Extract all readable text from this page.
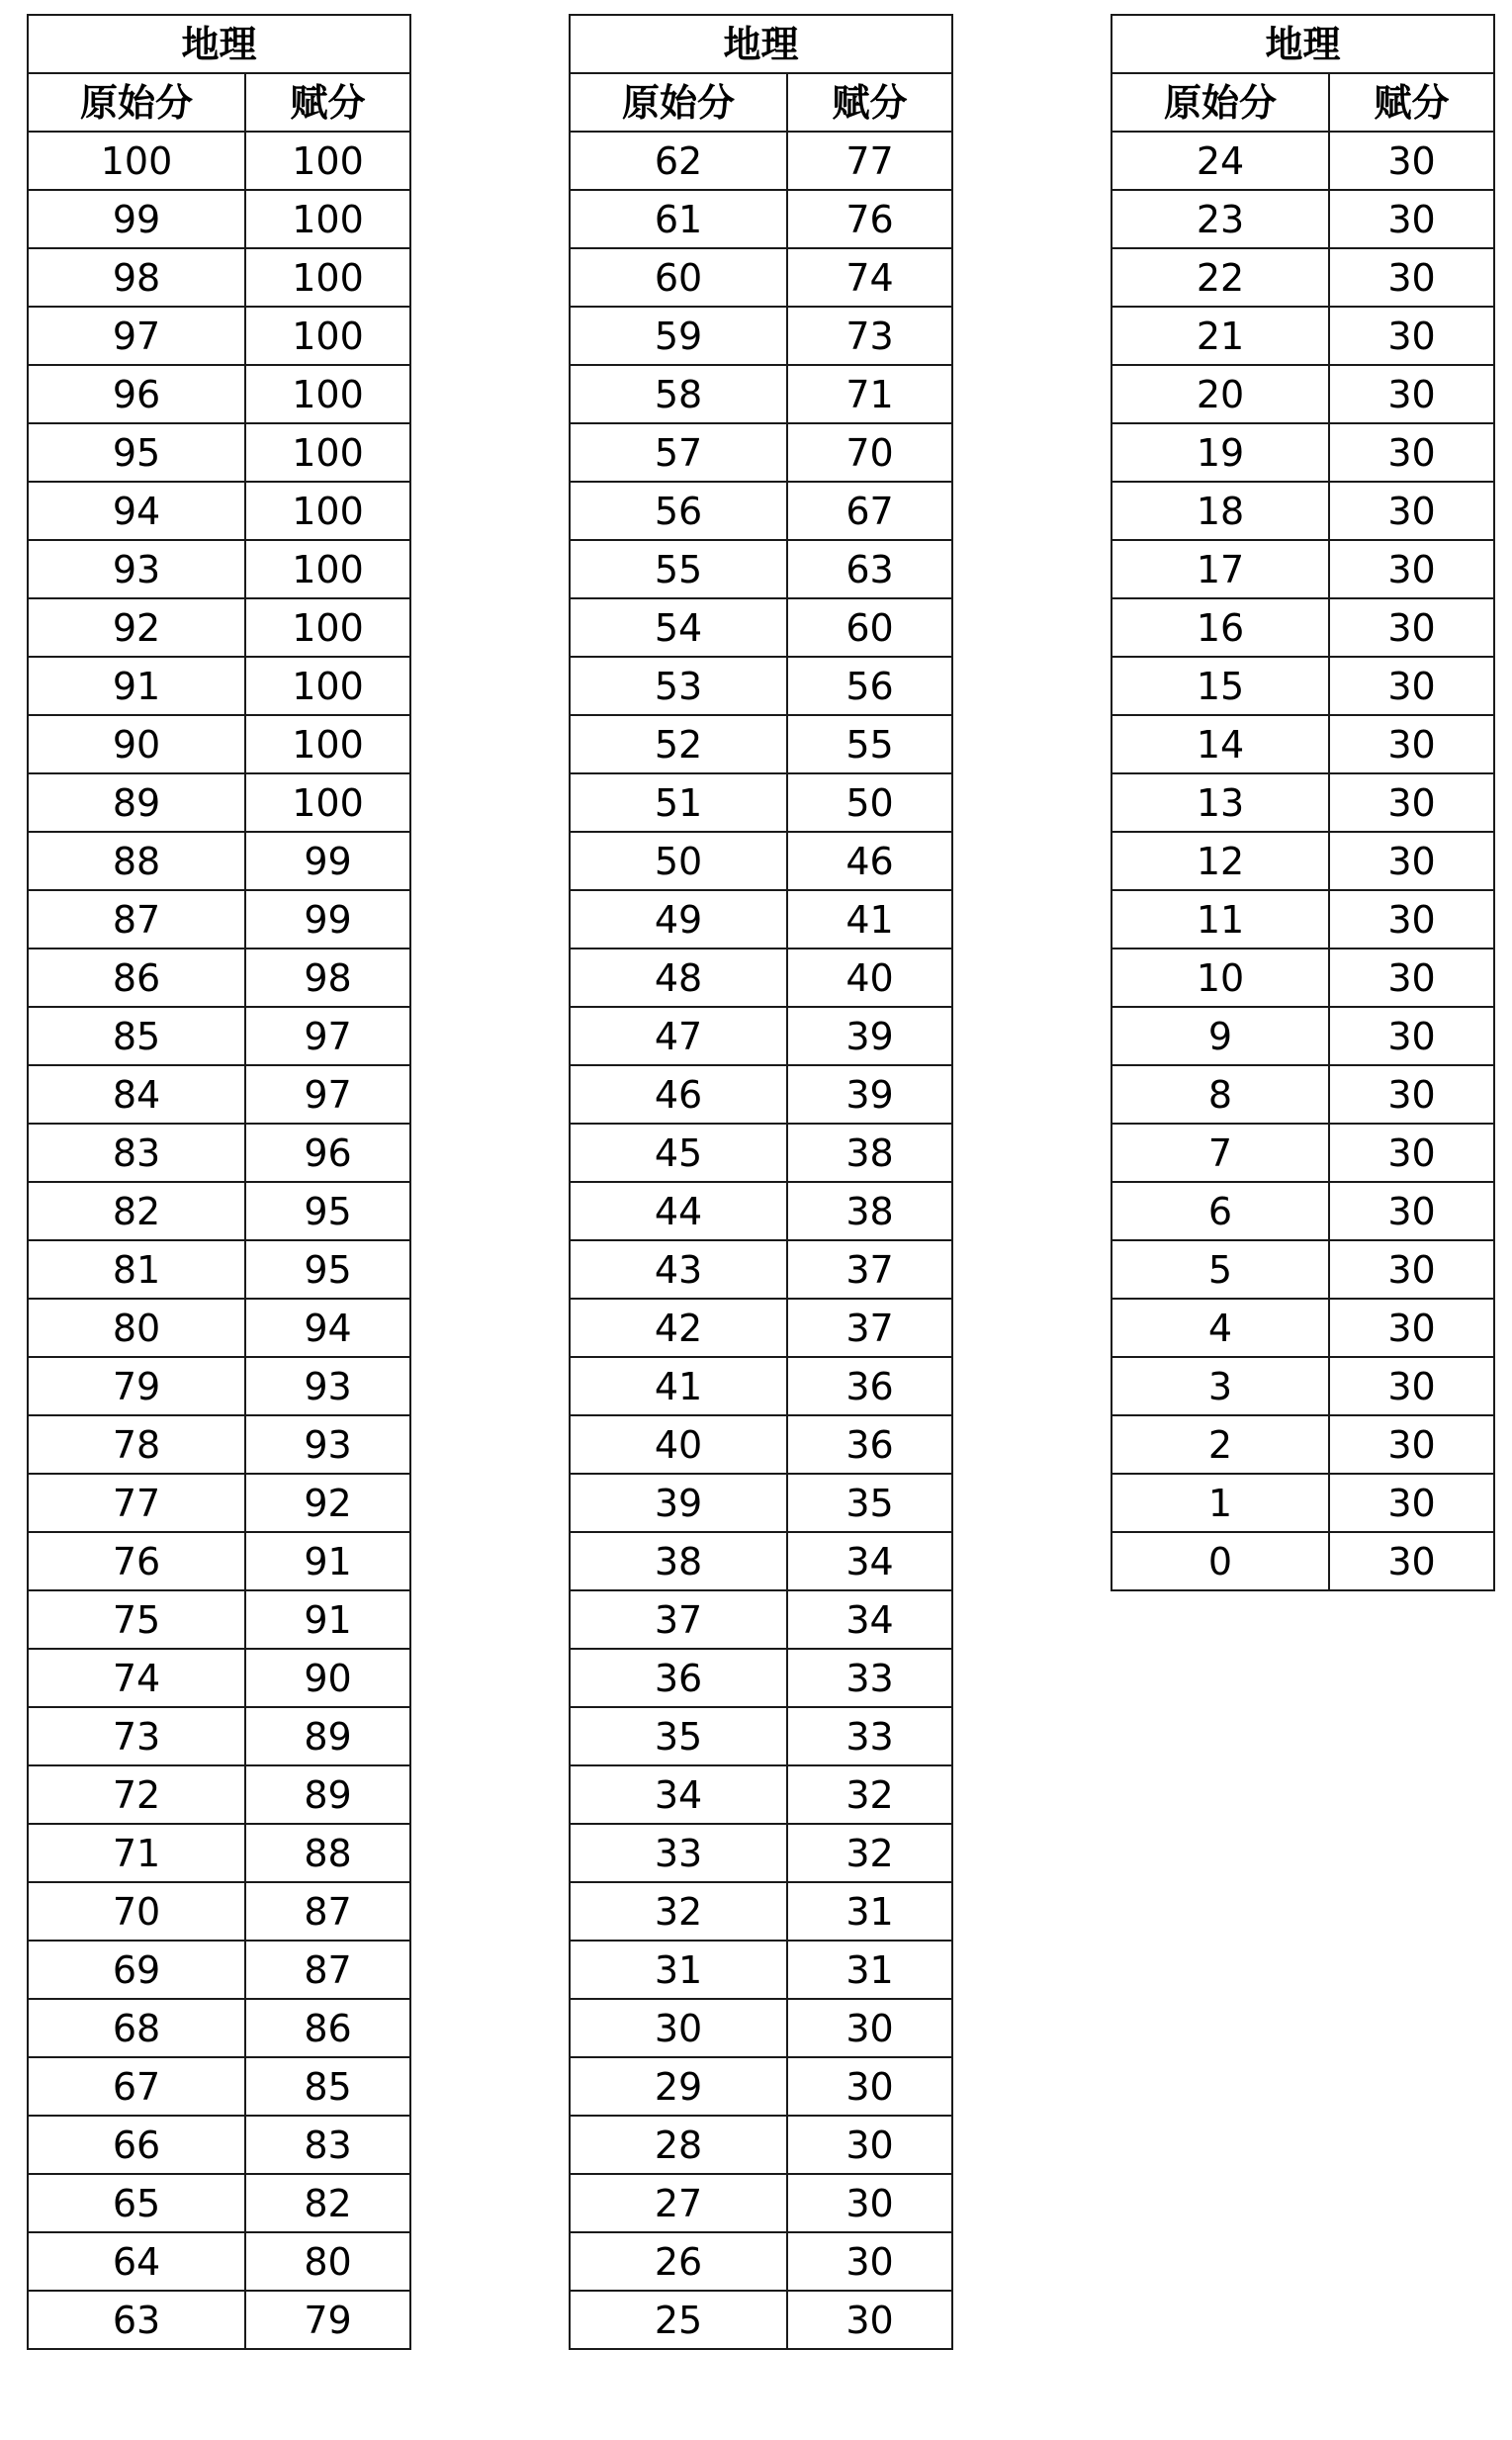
地理	
原始分	赋分
100	100
99	100
98	100
97	100
96	100
95	100
94	100
93	100
92	100
91	100
90	100
89	100
88	99
87	99
86	98
85	97
84	97
83	96
82	95
81	95
80	94
79	93
78	93
77	92
76	91
75	91
74	90
73	89
72	89
71	88
70	87
69	87
68	86
67	85
66	83
65	82
64	80
63	79
地理	
原始分	赋分
62	77
61	76
60	74
59	73
58	71
57	70
56	67
55	63
54	60
53	56
52	55
51	50
50	46
49	41
48	40
47	39
46	39
45	38
44	38
43	37
42	37
41	36
40	36
39	35
38	34
37	34
36	33
35	33
34	32
33	32
32	31
31	31
30	30
29	30
28	30
27	30
26	30
25	30
地理	
原始分	赋分
24	30
23	30
22	30
21	30
20	30
19	30
18	30
17	30
16	30
15	30
14	30
13	30
12	30
11	30
10	30
9	30
8	30
7	30
6	30
5	30
4	30
3	30
2	30
1	30
0	30
